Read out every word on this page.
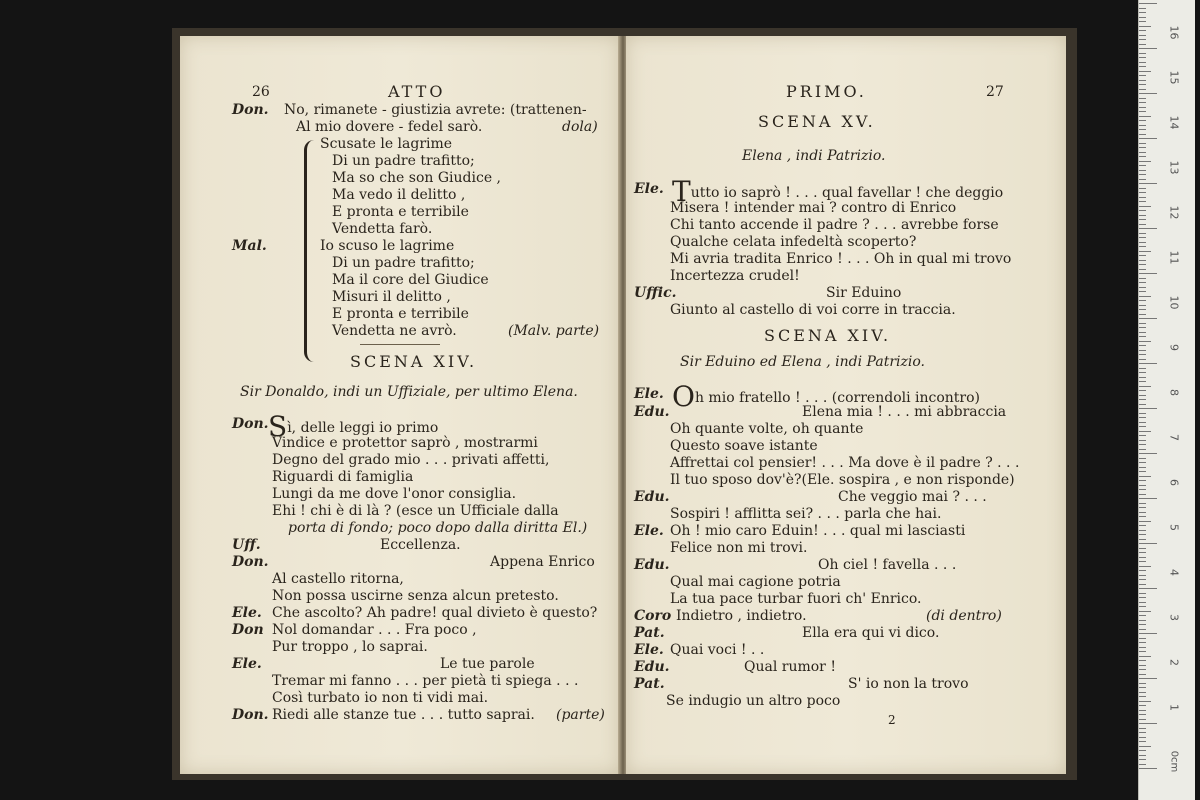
26	ATTO
Don. No, rimanete - giustizia avrete: (trattenen-
Al mio dovere - fedel sarò.	dola)
Scusate le lagrime
Di un padre trafitto;
Ma so che son Giudice ,
Ma vedo il delitto ,
E pronta e terribile
Vendetta farò.
Mal.	Io scuso le lagrime
Di un padre trafitto;
Ma il core del Giudice
Misuri il delitto ,
E pronta e terribile
Vendetta ne avrò.	(Malv. parte)
SCENA XIV.
Sir Donaldo, indi un Uffiziale, per ultimo Elena.
Don. Sì, delle leggi io primo
Vindice e protettor saprò , mostrarmi
Degno del grado mio . . . privati affetti,
Riguardi di famiglia
Lungi da me dove l'onor consiglia.
Ehi ! chi è di là ? (esce un Ufficiale dalla
porta di fondo; poco dopo dalla diritta El.)
Uff.	Eccellenza.
Don.	Appena Enrico
Al castello ritorna,
Non possa uscirne senza alcun pretesto.
Ele. Che ascolto? Ah padre! qual divieto è questo?
Don Nol domandar . . . Fra poco ,
Pur troppo , lo saprai.
Ele.	Le tue parole
Tremar mi fanno . . . per pietà ti spiega . . .
Così turbato io non ti vidi mai.
Don. Riedi alle stanze tue . . . tutto saprai. (parte)
PRIMO.	27
SCENA XV.
Elena , indi Patrizio.
Ele. Tutto io saprò ! . . . qual favellar ! che deggio
Misera ! intender mai ? contro di Enrico
Chi tanto accende il padre ? . . . avrebbe forse
Qualche celata infedeltà scoperto?
Mi avria tradita Enrico ! . . . Oh in qual mi trovo
Incertezza crudel!
Uffic.	Sir Eduino
Giunto al castello di voi corre in traccia.
SCENA XIV.
Sir Eduino ed Elena , indi Patrizio.
Ele. Oh mio fratello ! . . . (correndoli incontro)
Edu.	Elena mia ! . . . mi abbraccia
Oh quante volte, oh quante
Questo soave istante
Affrettai col pensier! . . . Ma dove è il padre ? . . .
Il tuo sposo dov'è?(Ele. sospira , e non risponde)
Edu.	Che veggio mai ? . . .
Sospiri ! afflitta sei? . . . parla che hai.
Ele. Oh ! mio caro Eduin! . . . qual mi lasciasti
Felice non mi trovi.
Edu.	Oh ciel ! favella . . .
Qual mai cagione potria
La tua pace turbar fuori ch' Enrico.
Coro Indietro , indietro.	(di dentro)
Pat.	Ella era qui vi dico.
Ele. Quai voci ! . .
Edu.	Qual rumor !
Pat.	S' io non la trovo
Se indugio un altro poco
2
0cm
16
15
14
13
12
11
10
9
8
7
6
5
4
3
2
1
